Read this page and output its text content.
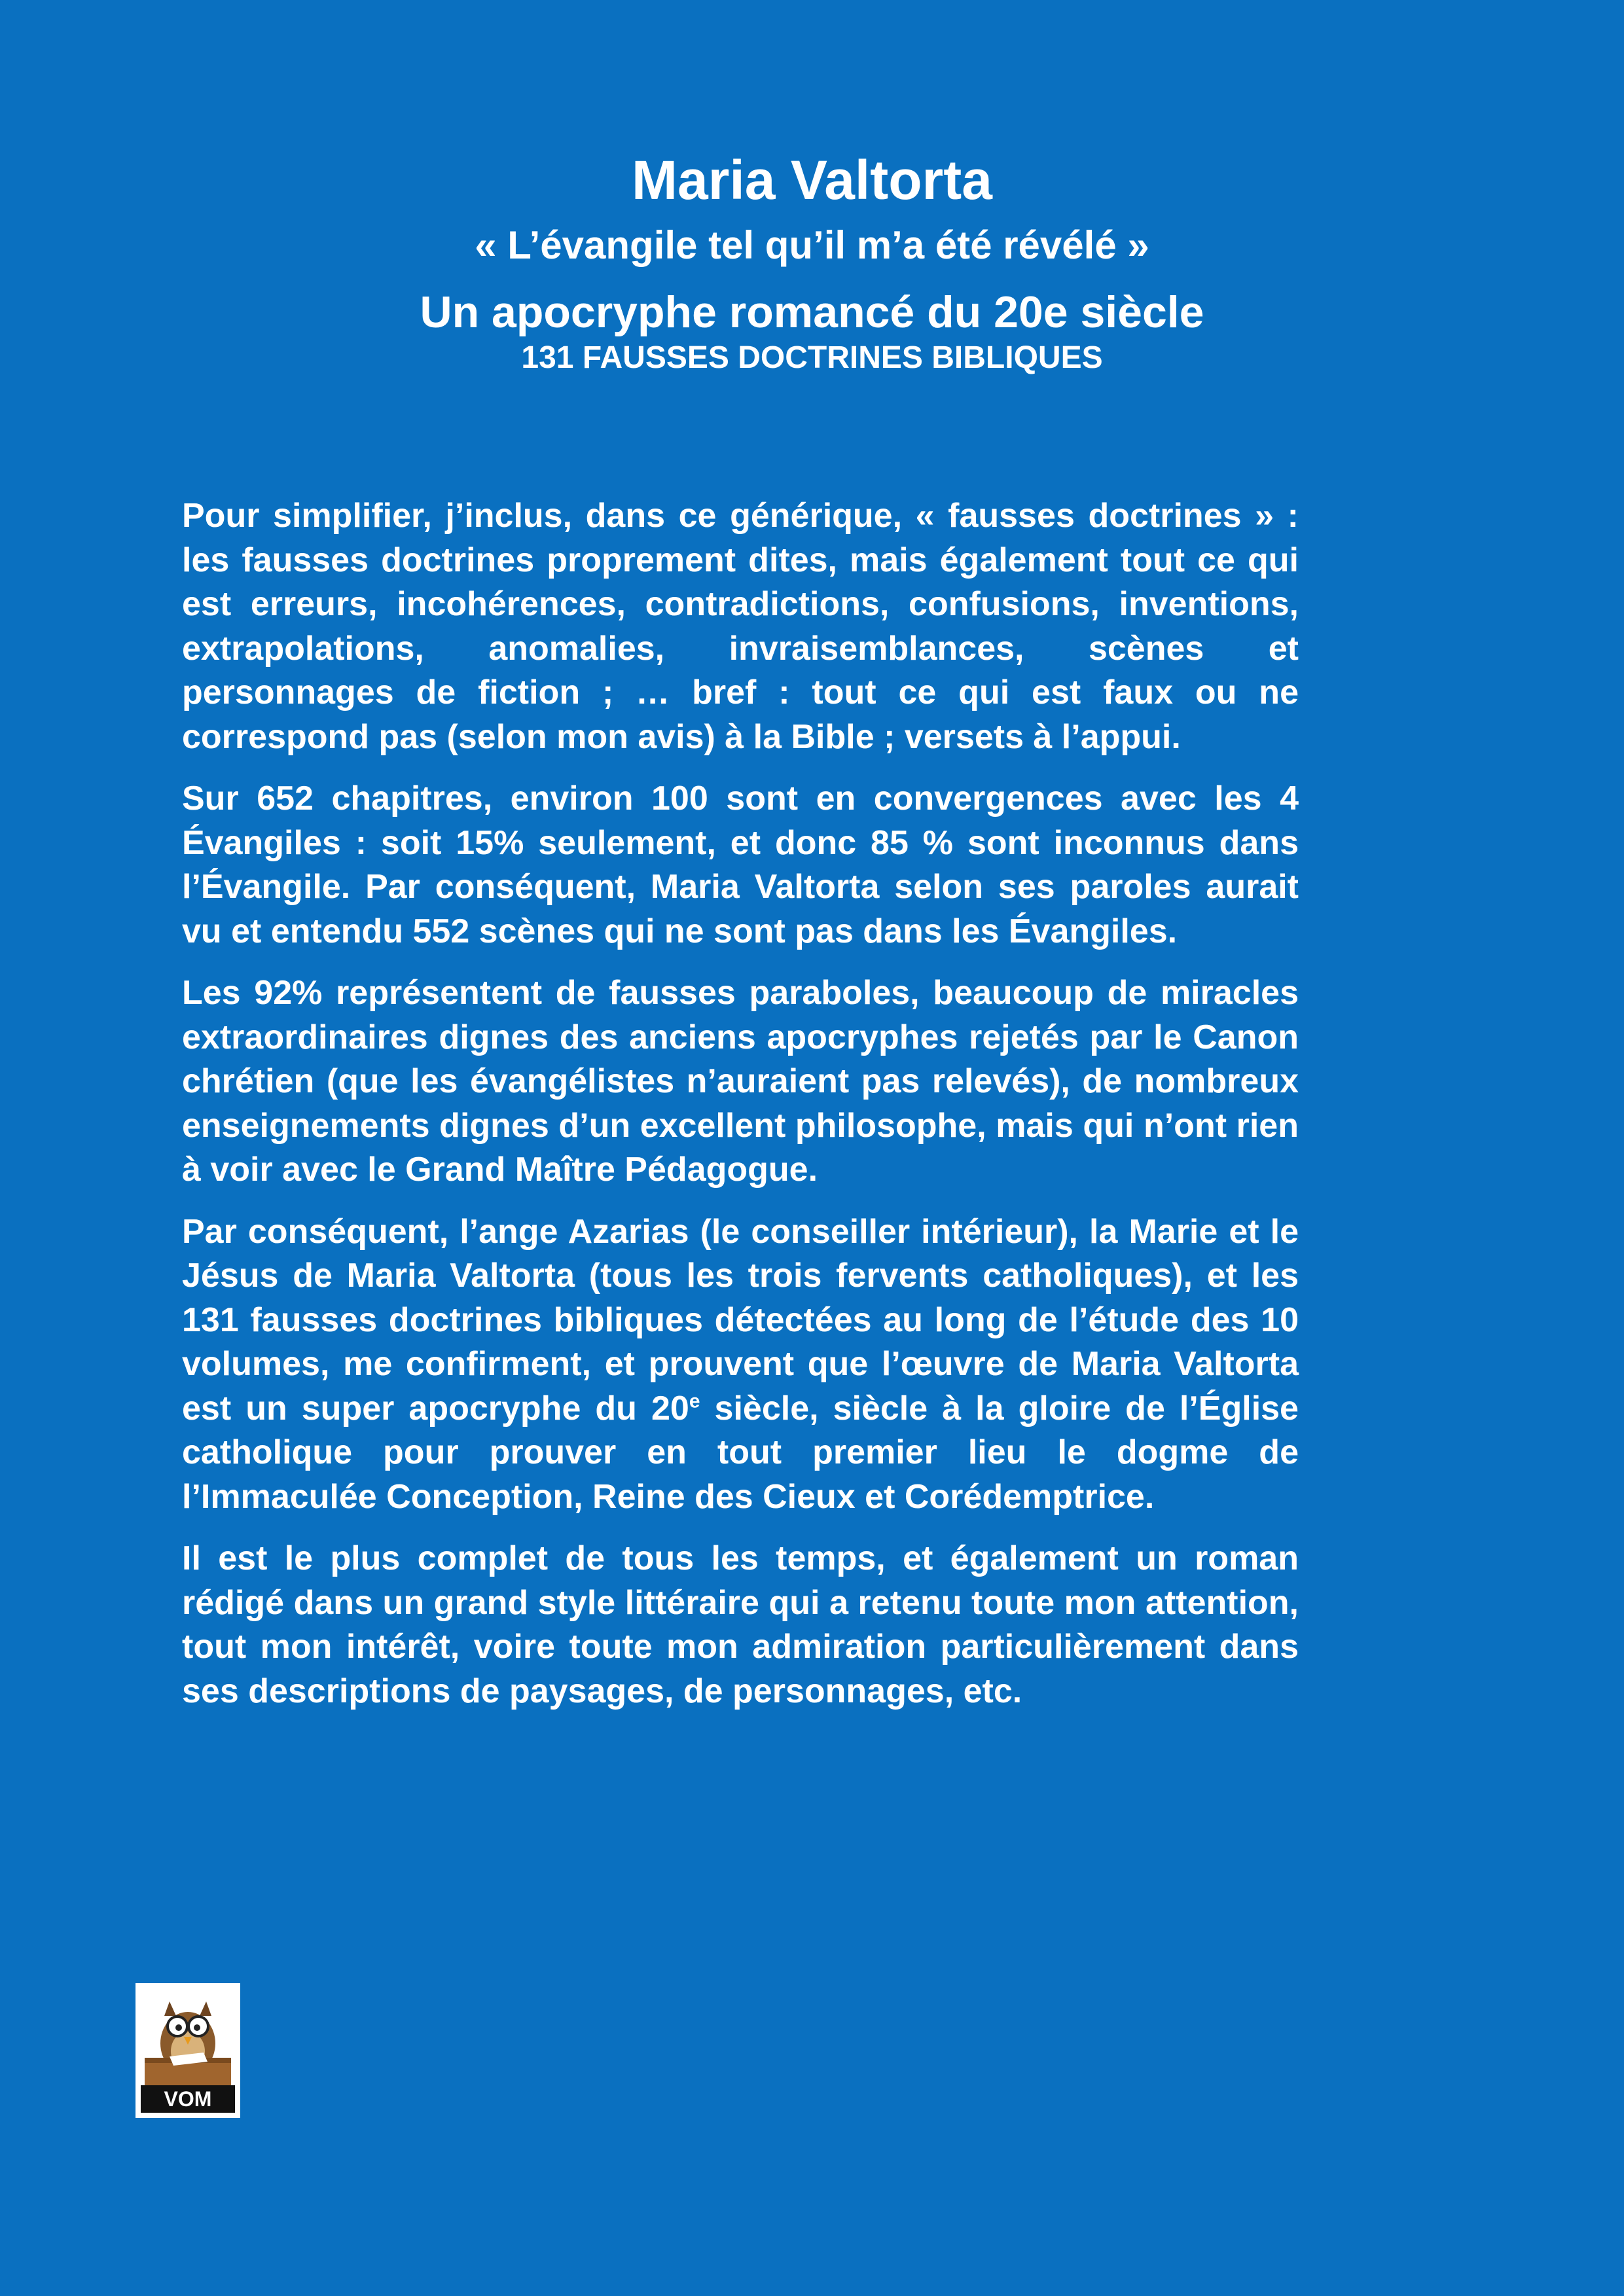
Maria Valtorta
« L’évangile tel qu’il m’a été révélé »
Un apocryphe romancé du 20e siècle
131 FAUSSES DOCTRINES BIBLIQUES

Pour simplifier, j’inclus, dans ce générique, « fausses doctrines » : les fausses doctrines proprement dites, mais également tout ce qui est erreurs, incohérences, contradictions, confusions, inventions, extrapolations, anomalies, invraisemblances, scènes et personnages de fiction ; … bref : tout ce qui est faux ou ne correspond pas (selon mon avis) à la Bible ; versets à l’appui.

Sur 652 chapitres, environ 100 sont en convergences avec les 4 Évangiles : soit 15% seulement, et donc 85 % sont inconnus dans l’Évangile. Par conséquent, Maria Valtorta selon ses paroles aurait vu et entendu 552 scènes qui ne sont pas dans les Évangiles.

Les 92% représentent de fausses paraboles, beaucoup de miracles extraordinaires dignes des anciens apocryphes rejetés par le Canon chrétien (que les évangélistes n’auraient pas relevés), de nombreux enseignements dignes d’un excellent philosophe, mais qui n’ont rien à voir avec le Grand Maître Pédagogue.

Par conséquent, l’ange Azarias (le conseiller intérieur), la Marie et le Jésus de Maria Valtorta (tous les trois fervents catholiques), et les 131 fausses doctrines bibliques détectées au long de l’étude des 10 volumes, me confirment, et prouvent que l’œuvre de Maria Valtorta est un super apocryphe du 20e siècle, siècle à la gloire de l’Église catholique pour prouver en tout premier lieu le dogme de l’Immaculée Conception, Reine des Cieux et Corédemptrice.

Il est le plus complet de tous les temps, et également un roman rédigé dans un grand style littéraire qui a retenu toute mon attention, tout mon intérêt, voire toute mon admiration particulièrement dans ses descriptions de paysages, de personnages, etc.

VOM
